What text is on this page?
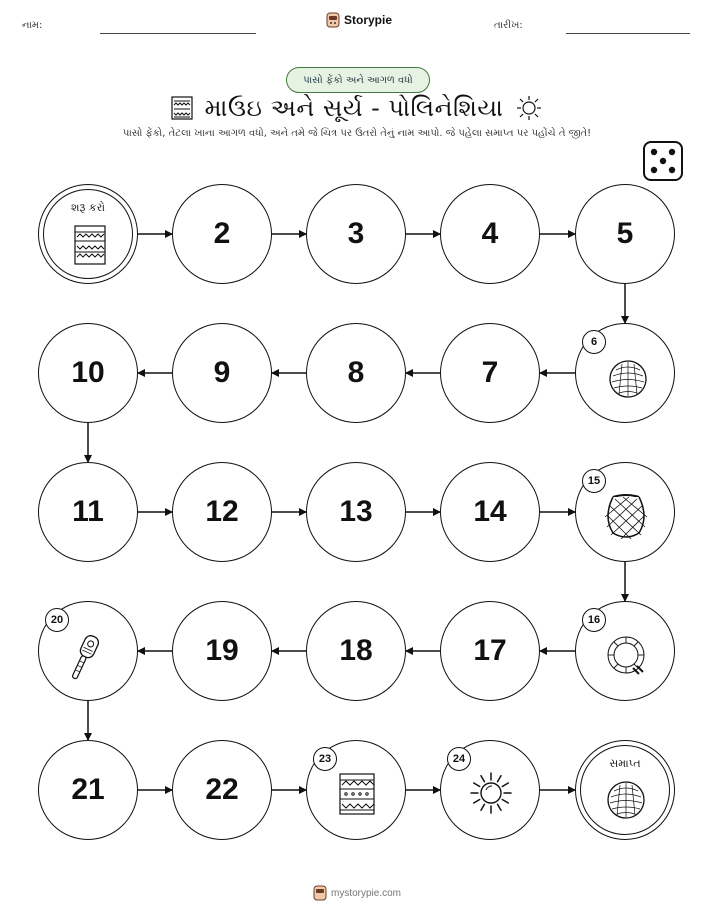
નામ:	Storypie	તારીખ:
પાસો ફેંકો અને આગળ વધો
માઉઇ અને સૂર્ય - પોલિનેશિયા
પાસો ફેંકો, તેટલા ખાના આગળ વધો, અને તમે જે ચિત્ર પર ઉતરો તેનું નામ આપો. જે પહેલા સમાપ્ત પર પહોંચે તે જીતે!
શરૂ કરો
સમાપ્ત
2	3	4	5
6
7
8
9
10
11	12	13	14
15
16
17
18
19
20
21	22
23	24
mystorypie.com
